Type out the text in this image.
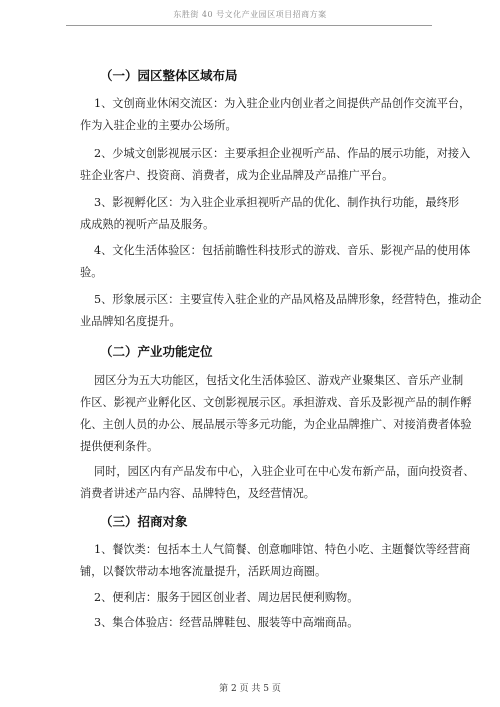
东胜街 40 号文化产业园区项目招商方案
（一）园区整体区域布局

1、文创商业休闲交流区：为入驻企业内创业者之间提供产品创作交流平台，
作为入驻企业的主要办公场所。

2、少城文创影视展示区：主要承担企业视听产品、作品的展示功能，对接入
驻企业客户、投资商、消费者，成为企业品牌及产品推广平台。

3、影视孵化区：为入驻企业承担视听产品的优化、制作执行功能，最终形
成成熟的视听产品及服务。

4、文化生活体验区：包括前瞻性科技形式的游戏、音乐、影视产品的使用体
验。

5、形象展示区：主要宣传入驻企业的产品风格及品牌形象，经营特色，推动企
业品牌知名度提升。

（二）产业功能定位

园区分为五大功能区，包括文化生活体验区、游戏产业聚集区、音乐产业制
作区、影视产业孵化区、文创影视展示区。承担游戏、音乐及影视产品的制作孵
化、主创人员的办公、展品展示等多元功能，为企业品牌推广、对接消费者体验
提供便利条件。

同时，园区内有产品发布中心，入驻企业可在中心发布新产品，面向投资者、
消费者讲述产品内容、品牌特色，及经营情况。

（三）招商对象

1、餐饮类：包括本土人气简餐、创意咖啡馆、特色小吃、主题餐饮等经营商
铺，以餐饮带动本地客流量提升，活跃周边商圈。

2、便利店：服务于园区创业者、周边居民便利购物。

3、集合体验店：经营品牌鞋包、服装等中高端商品。

第 2 页 共 5 页
